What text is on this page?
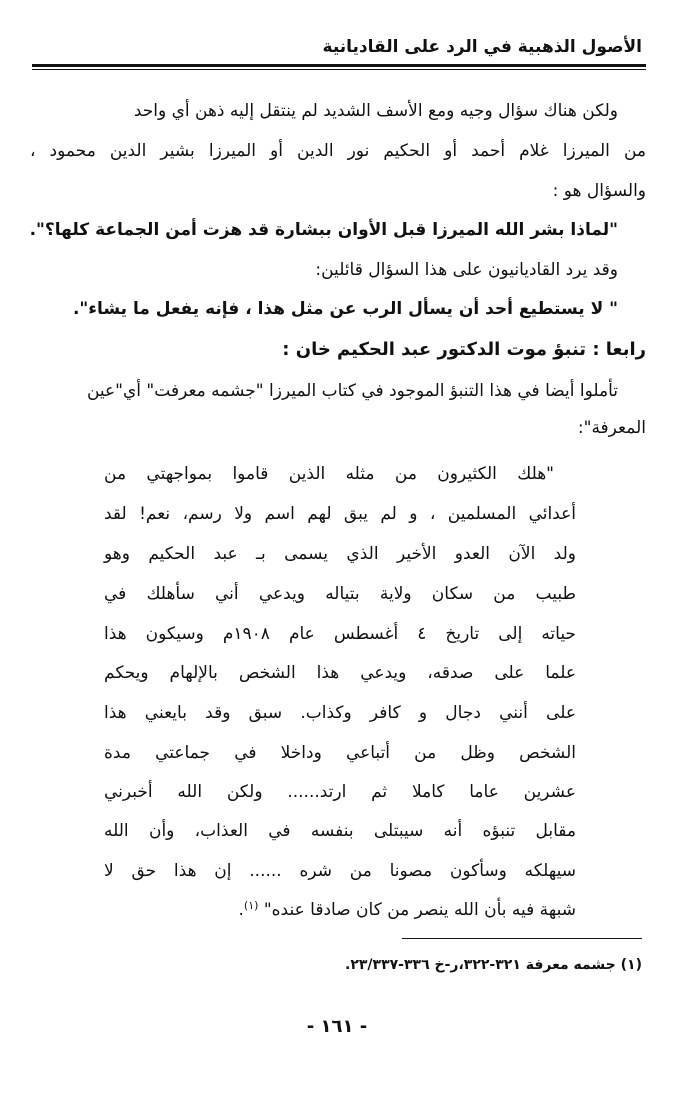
الأصول الذهبية في الرد على القاديانية
ولكن هناك سؤال وجيه ومع الأسف الشديد لم ينتقل إليه ذهن أي واحد
من الميرزا غلام أحمد أو الحكيم نور الدين أو الميرزا بشير الدين محمود ،
والسؤال هو :
"لماذا بشر الله الميرزا قبل الأوان ببشارة قد هزت أمن الجماعة كلها؟".
وقد يرد القاديانيون على هذا السؤال قائلين:
" لا يستطيع أحد أن يسأل الرب عن مثل هذا ، فإنه يفعل ما يشاء".
رابعا : تنبؤ موت الدكتور عبد الحكيم خان :
تأملوا أيضا في هذا التنبؤ الموجود في كتاب الميرزا "جشمه معرفت" أي"عين
المعرفة":
"هلك الكثيرون من مثله الذين قاموا بمواجهتي من
أعدائي المسلمين ، و لم يبق لهم اسم ولا رسم، نعم! لقد
ولد الآن العدو الأخير الذي يسمى بـ عبد الحكيم وهو
طبيب من سكان ولاية بتياله ويدعي أني سأهلك في
حياته إلى تاريخ ٤ أغسطس عام ١٩٠٨م وسيكون هذا
علما على صدقه، ويدعي هذا الشخص بالإلهام ويحكم
على أنني دجال و كافر وكذاب. سبق وقد بايعني هذا
الشخص وظل من أتباعي وداخلا في جماعتي مدة
عشرين عاما كاملا ثم ارتد...... ولكن الله أخبرني
مقابل تنبؤه أنه سيبتلى بنفسه في العذاب، وأن الله
سيهلكه وسأكون مصونا من شره ...... إن هذا حق لا
شبهة فيه بأن الله ينصر من كان صادقا عنده" $^{(١)}$.
(١) جشمه معرفة ٣٢١-٣٢٢،ر-خ ٣٣٦-٢٣/٣٣٧.
- ١٦١ -
